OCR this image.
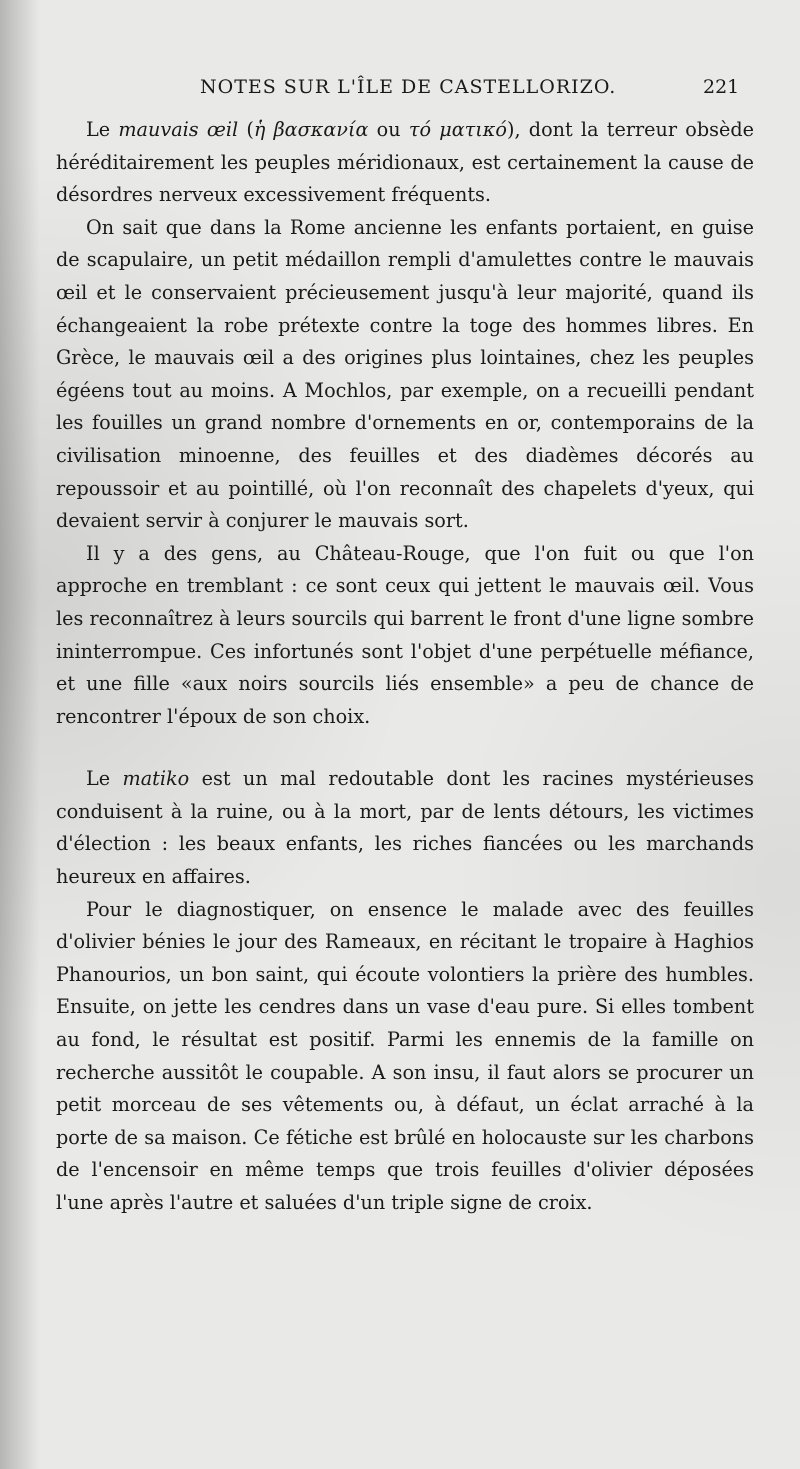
NOTES SUR L'ÎLE DE CASTELLORIZO.	221

Le mauvais œil (ἡ βασκανία ou τό ματικό), dont la terreur obsède héréditairement les peuples méridionaux, est certainement la cause de désordres nerveux excessivement fréquents.

On sait que dans la Rome ancienne les enfants portaient, en guise de scapulaire, un petit médaillon rempli d'amulettes contre le mauvais œil et le conservaient précieusement jusqu'à leur majorité, quand ils échangeaient la robe prétexte contre la toge des hommes libres. En Grèce, le mauvais œil a des origines plus lointaines, chez les peuples égéens tout au moins. A Mochlos, par exemple, on a recueilli pendant les fouilles un grand nombre d'ornements en or, contemporains de la civilisation minoenne, des feuilles et des diadèmes décorés au repoussoir et au pointillé, où l'on reconnaît des chapelets d'yeux, qui devaient servir à conjurer le mauvais sort.

Il y a des gens, au Château-Rouge, que l'on fuit ou que l'on approche en tremblant : ce sont ceux qui jettent le mauvais œil. Vous les reconnaîtrez à leurs sourcils qui barrent le front d'une ligne sombre ininterrompue. Ces infortunés sont l'objet d'une perpétuelle méfiance, et une fille «aux noirs sourcils liés ensemble» a peu de chance de rencontrer l'époux de son choix.

Le matiko est un mal redoutable dont les racines mystérieuses conduisent à la ruine, ou à la mort, par de lents détours, les victimes d'élection : les beaux enfants, les riches fiancées ou les marchands heureux en affaires.

Pour le diagnostiquer, on ensence le malade avec des feuilles d'olivier bénies le jour des Rameaux, en récitant le tropaire à Haghios Phanourios, un bon saint, qui écoute volontiers la prière des humbles. Ensuite, on jette les cendres dans un vase d'eau pure. Si elles tombent au fond, le résultat est positif. Parmi les ennemis de la famille on recherche aussitôt le coupable. A son insu, il faut alors se procurer un petit morceau de ses vêtements ou, à défaut, un éclat arraché à la porte de sa maison. Ce fétiche est brûlé en holocauste sur les charbons de l'encensoir en même temps que trois feuilles d'olivier déposées l'une après l'autre et saluées d'un triple signe de croix.
